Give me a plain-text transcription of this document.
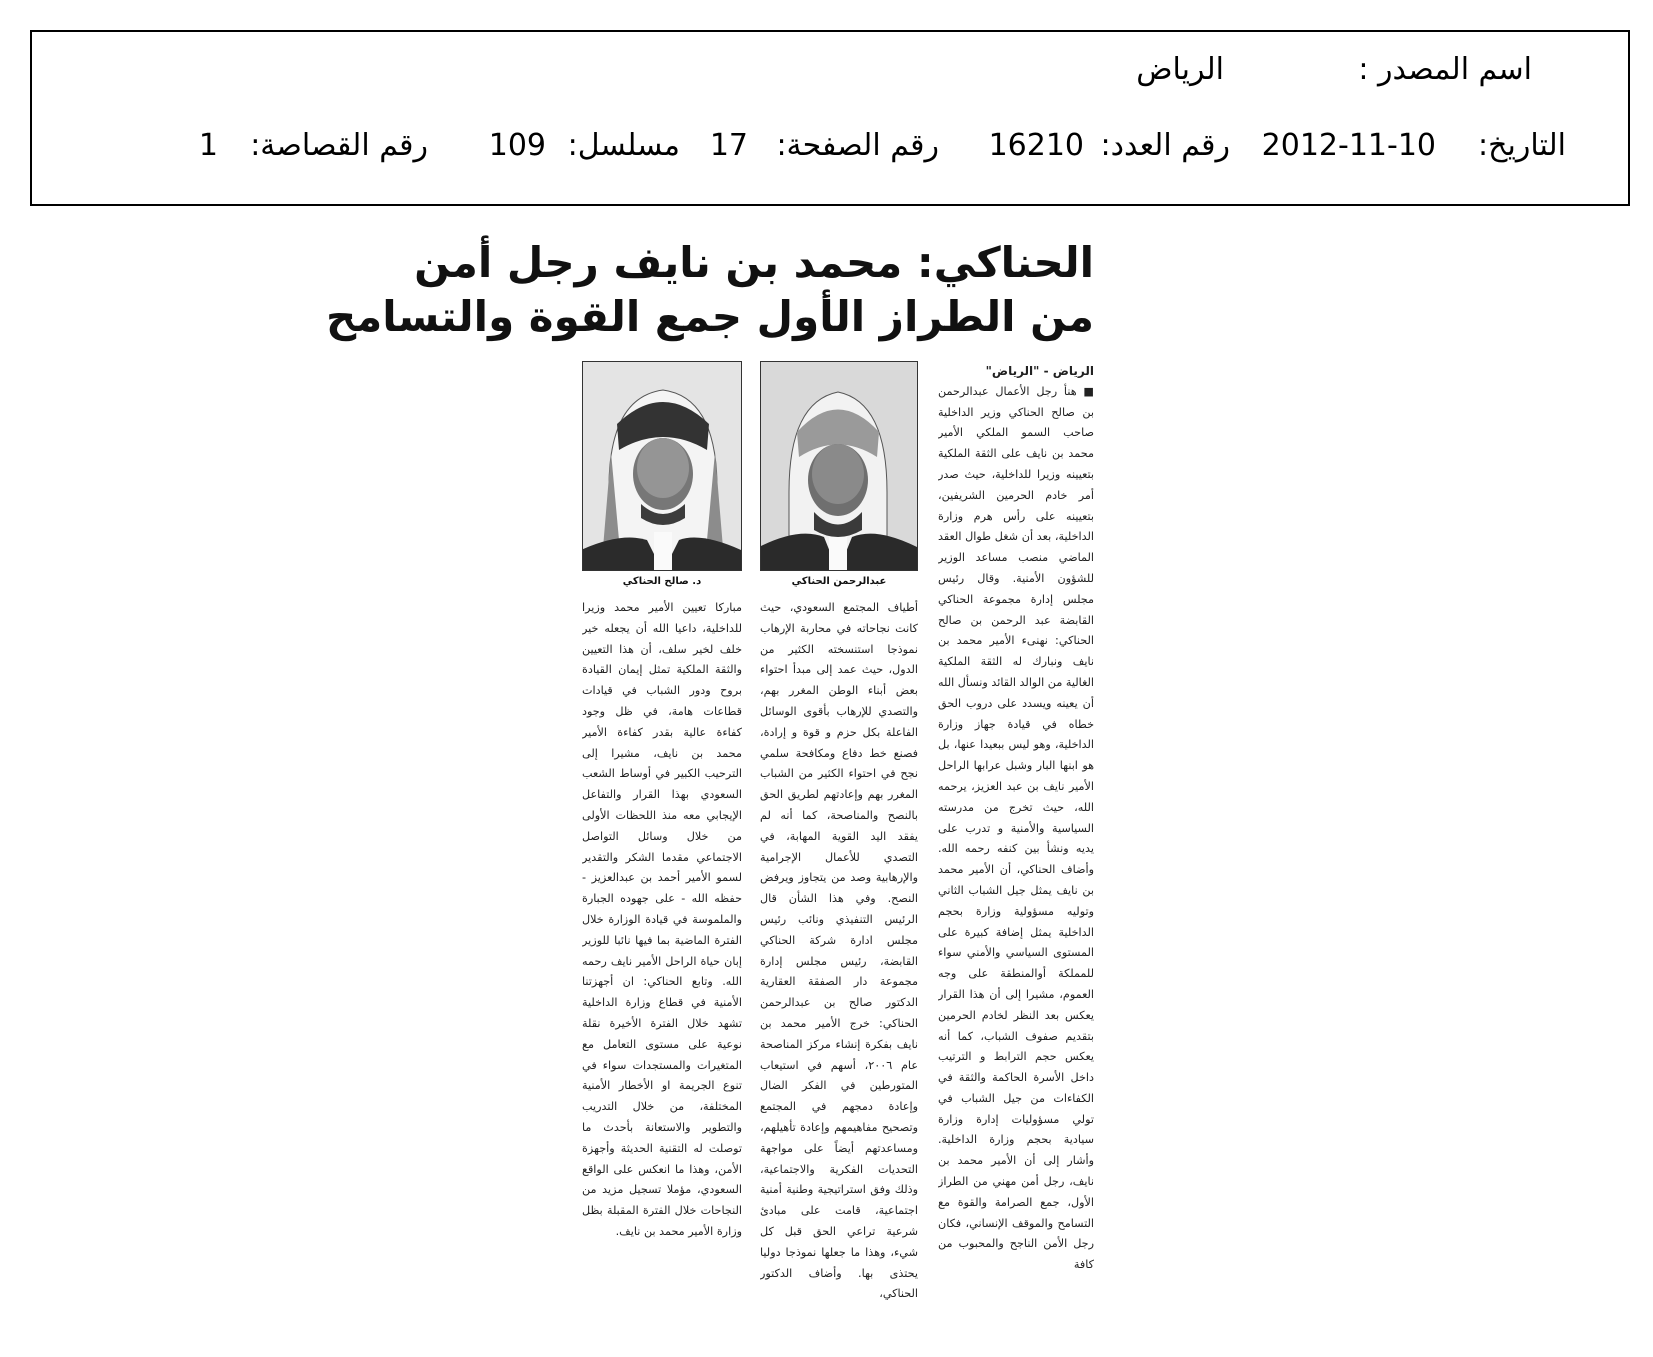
اسم المصدر :
الرياض
التاريخ:
2012-11-10
رقم العدد:
16210
رقم الصفحة:
17
مسلسل:
109
رقم القصاصة:
1
الحناكي: محمد بن نايف رجل أمن
من الطراز الأول جمع القوة والتسامح

الرياض - "الرياض"

■ هنأ رجل الأعمال عبدالرحمن بن صالح الحناكي وزير الداخلية صاحب السمو الملكي الأمير محمد بن نايف على الثقة الملكية بتعيينه وزيرا للداخلية، حيث صدر أمر خادم الحرمين الشريفين، بتعيينه على رأس هرم وزارة الداخلية، بعد أن شغل طوال العقد الماضي منصب مساعد الوزير للشؤون الأمنية. وقال رئيس مجلس إدارة مجموعة الحناكي القابضة عبد الرحمن بن صالح الحناكي: نهنىء الأمير محمد بن نايف ونبارك له الثقة الملكية الغالية من الوالد القائد ونسأل الله أن يعينه ويسدد على دروب الحق خطاه في قيادة جهاز وزارة الداخلية، وهو ليس ببعيدا عنها، بل هو ابنها البار وشبل عرابها الراحل الأمير نايف بن عبد العزيز، يرحمه الله، حيث تخرج من مدرسته السياسية والأمنية و تدرب على يديه ونشأ بين كنفه رحمه الله. وأضاف الحناكي، أن الأمير محمد بن نايف يمثل جيل الشباب الثاني وتوليه مسؤولية وزارة بحجم الداخلية يمثل إضافة كبيرة على المستوى السياسي والأمني سواء للمملكة أوالمنطقة على وجه العموم، مشيرا إلى أن هذا القرار يعكس بعد النظر لخادم الحرمين بتقديم صفوف الشباب، كما أنه يعكس حجم الترابط و الترتيب داخل الأسرة الحاكمة والثقة في الكفاءات من جيل الشباب في تولي مسؤوليات إدارة وزارة سيادية بحجم وزارة الداخلية. وأشار إلى أن الأمير محمد بن نايف، رجل أمن مهني من الطراز الأول، جمع الصرامة والقوة مع التسامح والموقف الإنساني، فكان رجل الأمن الناجح والمحبوب من كافة

عبدالرحمن الحناكي

أطياف المجتمع السعودي، حيث كانت نجاحاته في محاربة الإرهاب نموذجا استنسخته الكثير من الدول، حيث عمد إلى مبدأ احتواء بعض أبناء الوطن المغرر بهم، والتصدي للإرهاب بأقوى الوسائل الفاعلة بكل حزم و قوة و إرادة، فصنع خط دفاع ومكافحة سلمي نجح في احتواء الكثير من الشباب المغرر بهم وإعادتهم لطريق الحق بالنصح والمناصحة، كما أنه لم يفقد اليد القوية المهابة، في التصدي للأعمال الإجرامية والإرهابية وصد من يتجاوز ويرفض النصح. وفي هذا الشأن قال الرئيس التنفيذي ونائب رئيس مجلس ادارة شركة الحناكي القابضة، رئيس مجلس إدارة مجموعة دار الصفقة العقارية الدكتور صالح بن عبدالرحمن الحناكي: خرج الأمير محمد بن نايف بفكرة إنشاء مركز المناصحة عام ٢٠٠٦، أسهم في استيعاب المتورطين في الفكر الضال وإعادة دمجهم في المجتمع وتصحيح مفاهيمهم وإعادة تأهيلهم، ومساعدتهم أيضاً على مواجهة التحديات الفكرية والاجتماعية، وذلك وفق استراتيجية وطنية أمنية اجتماعية، قامت على مبادئ شرعية تراعي الحق قبل كل شيء، وهذا ما جعلها نموذجا دوليا يحتذى بها. وأضاف الدكتور الحناكي،

د. صالح الحناكي

مباركا تعيين الأمير محمد وزيرا للداخلية، داعيا الله أن يجعله خير خلف لخير سلف، أن هذا التعيين والثقة الملكية تمثل إيمان القيادة بروح ودور الشباب في قيادات قطاعات هامة، في ظل وجود كفاءة عالية بقدر كفاءة الأمير محمد بن نايف، مشيرا إلى الترحيب الكبير في أوساط الشعب السعودي بهذا القرار والتفاعل الإيجابي معه منذ اللحظات الأولى من خلال وسائل التواصل الاجتماعي مقدما الشكر والتقدير لسمو الأمير أحمد بن عبدالعزيز - حفظه الله - على جهوده الجبارة والملموسة في قيادة الوزارة خلال الفترة الماضية بما فيها نائبا للوزير إبان حياة الراحل الأمير نايف رحمه الله. وتابع الحناكي: ان أجهزتنا الأمنية في قطاع وزارة الداخلية تشهد خلال الفترة الأخيرة نقلة نوعية على مستوى التعامل مع المتغيرات والمستجدات سواء في تنوع الجريمة او الأخطار الأمنية المختلفة، من خلال التدريب والتطوير والاستعانة بأحدث ما توصلت له التقنية الحديثة وأجهزة الأمن، وهذا ما انعكس على الواقع السعودي، مؤملا تسجيل مزيد من النجاحات خلال الفترة المقبلة بظل وزارة الأمير محمد بن نايف.
